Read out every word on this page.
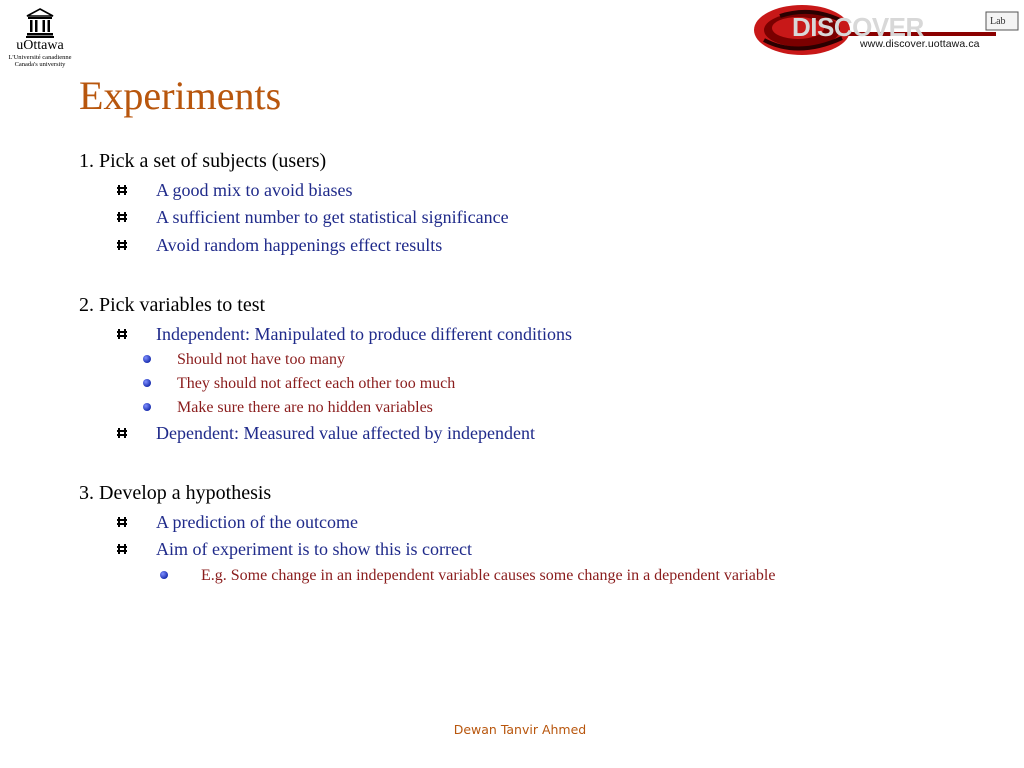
uOttawa
L'Université canadienne
Canada's university
DISCOVER	Lab
www.discover.uottawa.ca
Experiments
1. Pick a set of subjects (users)
A good mix to avoid biases
A sufficient number to get statistical significance
Avoid random happenings effect results
2. Pick variables to test
Independent: Manipulated to produce different conditions
Should not have too many
They should not affect each other too much
Make sure there are no hidden variables
Dependent: Measured value affected by independent
3. Develop a hypothesis
A prediction of the outcome
Aim of experiment is to show this is correct
E.g. Some change in an independent variable causes some change in a dependent variable
Dewan Tanvir Ahmed
